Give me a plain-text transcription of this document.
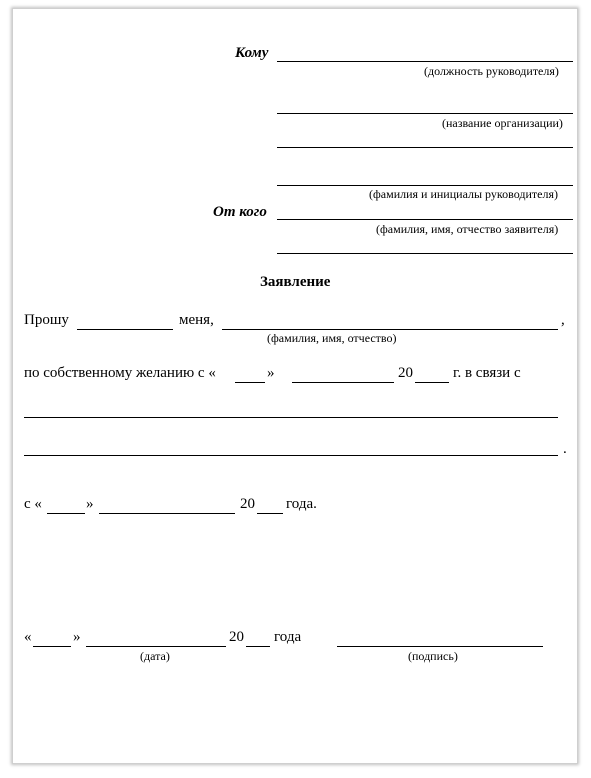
Кому
(должность руководителя)
(название организации)
(фамилия и инициалы руководителя)
От кого
(фамилия, имя, отчество заявителя)
Заявление
Прошу	меня,	,
(фамилия, имя, отчество)
по собственному желанию с «	»	20	г. в связи с
.
с «	»	20 года.
«	»	20 года
(дата)	(подпись)
